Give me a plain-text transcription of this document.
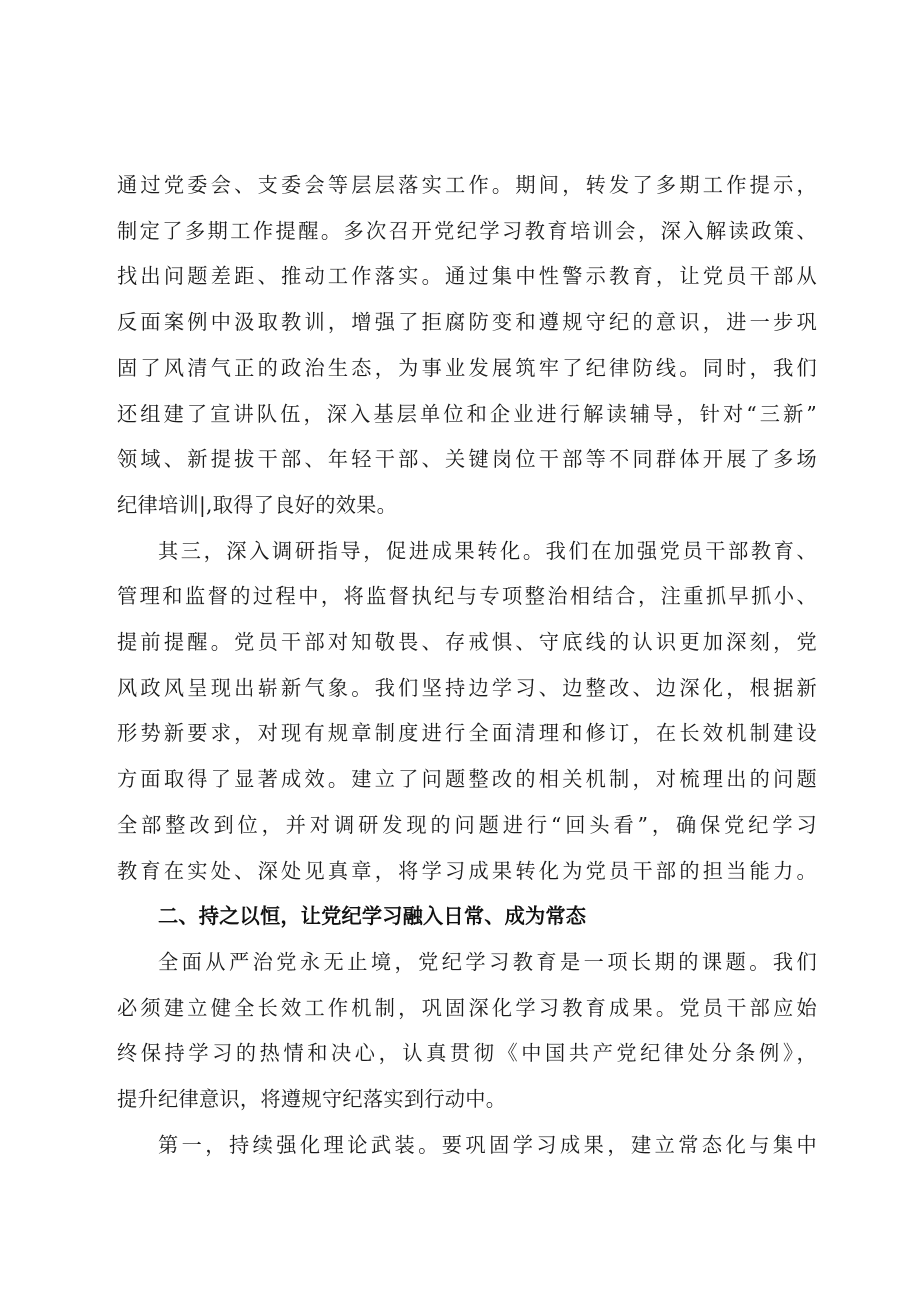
通过党委会、支委会等层层落实工作。期间，转发了多期工作提示，

制定了多期工作提醒。多次召开党纪学习教育培训会，深入解读政策、

找出问题差距、推动工作落实。通过集中性警示教育，让党员干部从

反面案例中汲取教训，增强了拒腐防变和遵规守纪的意识，进一步巩

固了风清气正的政治生态，为事业发展筑牢了纪律防线。同时，我们

还组建了宣讲队伍，深入基层单位和企业进行解读辅导，针对“三新”

领域、新提拔干部、年轻干部、关键岗位干部等不同群体开展了多场

纪律培训|,取得了良好的效果。

其三，深入调研指导，促进成果转化。我们在加强党员干部教育、

管理和监督的过程中，将监督执纪与专项整治相结合，注重抓早抓小、

提前提醒。党员干部对知敬畏、存戒惧、守底线的认识更加深刻，党

风政风呈现出崭新气象。我们坚持边学习、边整改、边深化，根据新

形势新要求，对现有规章制度进行全面清理和修订，在长效机制建设

方面取得了显著成效。建立了问题整改的相关机制，对梳理出的问题

全部整改到位，并对调研发现的问题进行“回头看”，确保党纪学习

教育在实处、深处见真章，将学习成果转化为党员干部的担当能力。

二、持之以恒，让党纪学习融入日常、成为常态

全面从严治党永无止境，党纪学习教育是一项长期的课题。我们

必须建立健全长效工作机制，巩固深化学习教育成果。党员干部应始

终保持学习的热情和决心，认真贯彻《中国共产党纪律处分条例》，

提升纪律意识，将遵规守纪落实到行动中。

第一，持续强化理论武装。要巩固学习成果，建立常态化与集中
